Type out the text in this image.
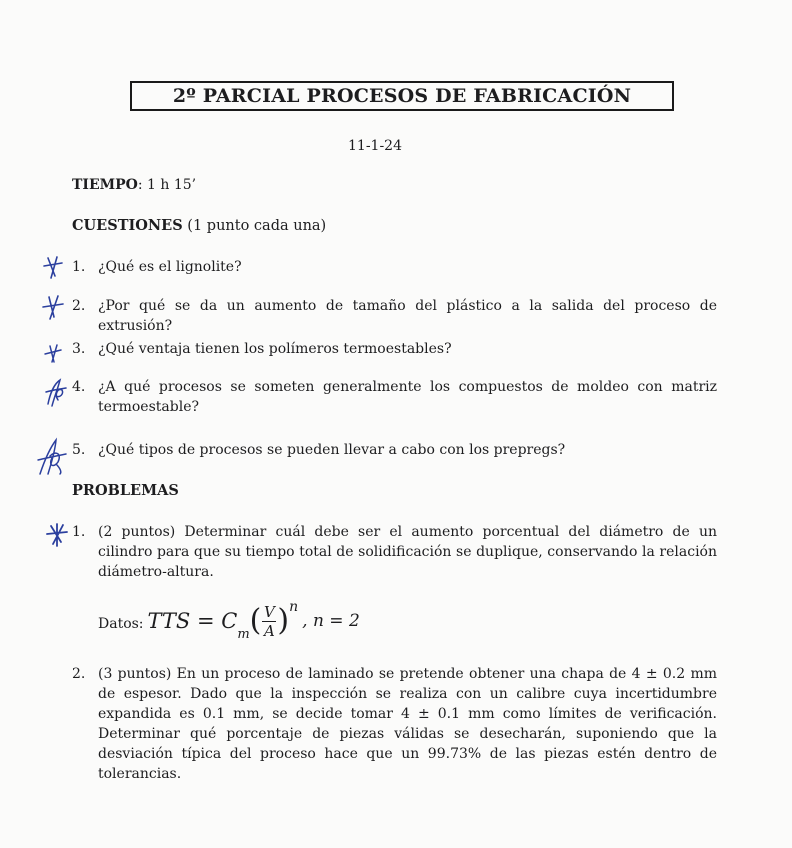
2º PARCIAL PROCESOS DE FABRICACIÓN
11-1-24
TIEMPO: 1 h 15’
CUESTIONES (1 punto cada una)
1. ¿Qué es el lignolite?
2. ¿Por qué se da un aumento de tamaño del plástico a la salida del proceso de extrusión?
3. ¿Qué ventaja tienen los polímeros termoestables?
4. ¿A qué procesos se someten generalmente los compuestos de moldeo con matriz termoestable?
5. ¿Qué tipos de procesos se pueden llevar a cabo con los prepregs?
PROBLEMAS
1. (2 puntos) Determinar cuál debe ser el aumento porcentual del diámetro de un cilindro para que su tiempo total de solidificación se duplique, conservando la relación diámetro-altura.
Datos: TTS = C
m ( $\frac{V}{A}$ ) n
, n = 2
2. (3 puntos) En un proceso de laminado se pretende obtener una chapa de 4 ± 0.2 mm de espesor. Dado que la inspección se realiza con un calibre cuya incertidumbre expandida es 0.1 mm, se decide tomar 4 ± 0.1 mm como límites de verificación. Determinar qué porcentaje de piezas válidas se desecharán, suponiendo que la desviación típica del proceso hace que un 99.73% de las piezas estén dentro de tolerancias.
